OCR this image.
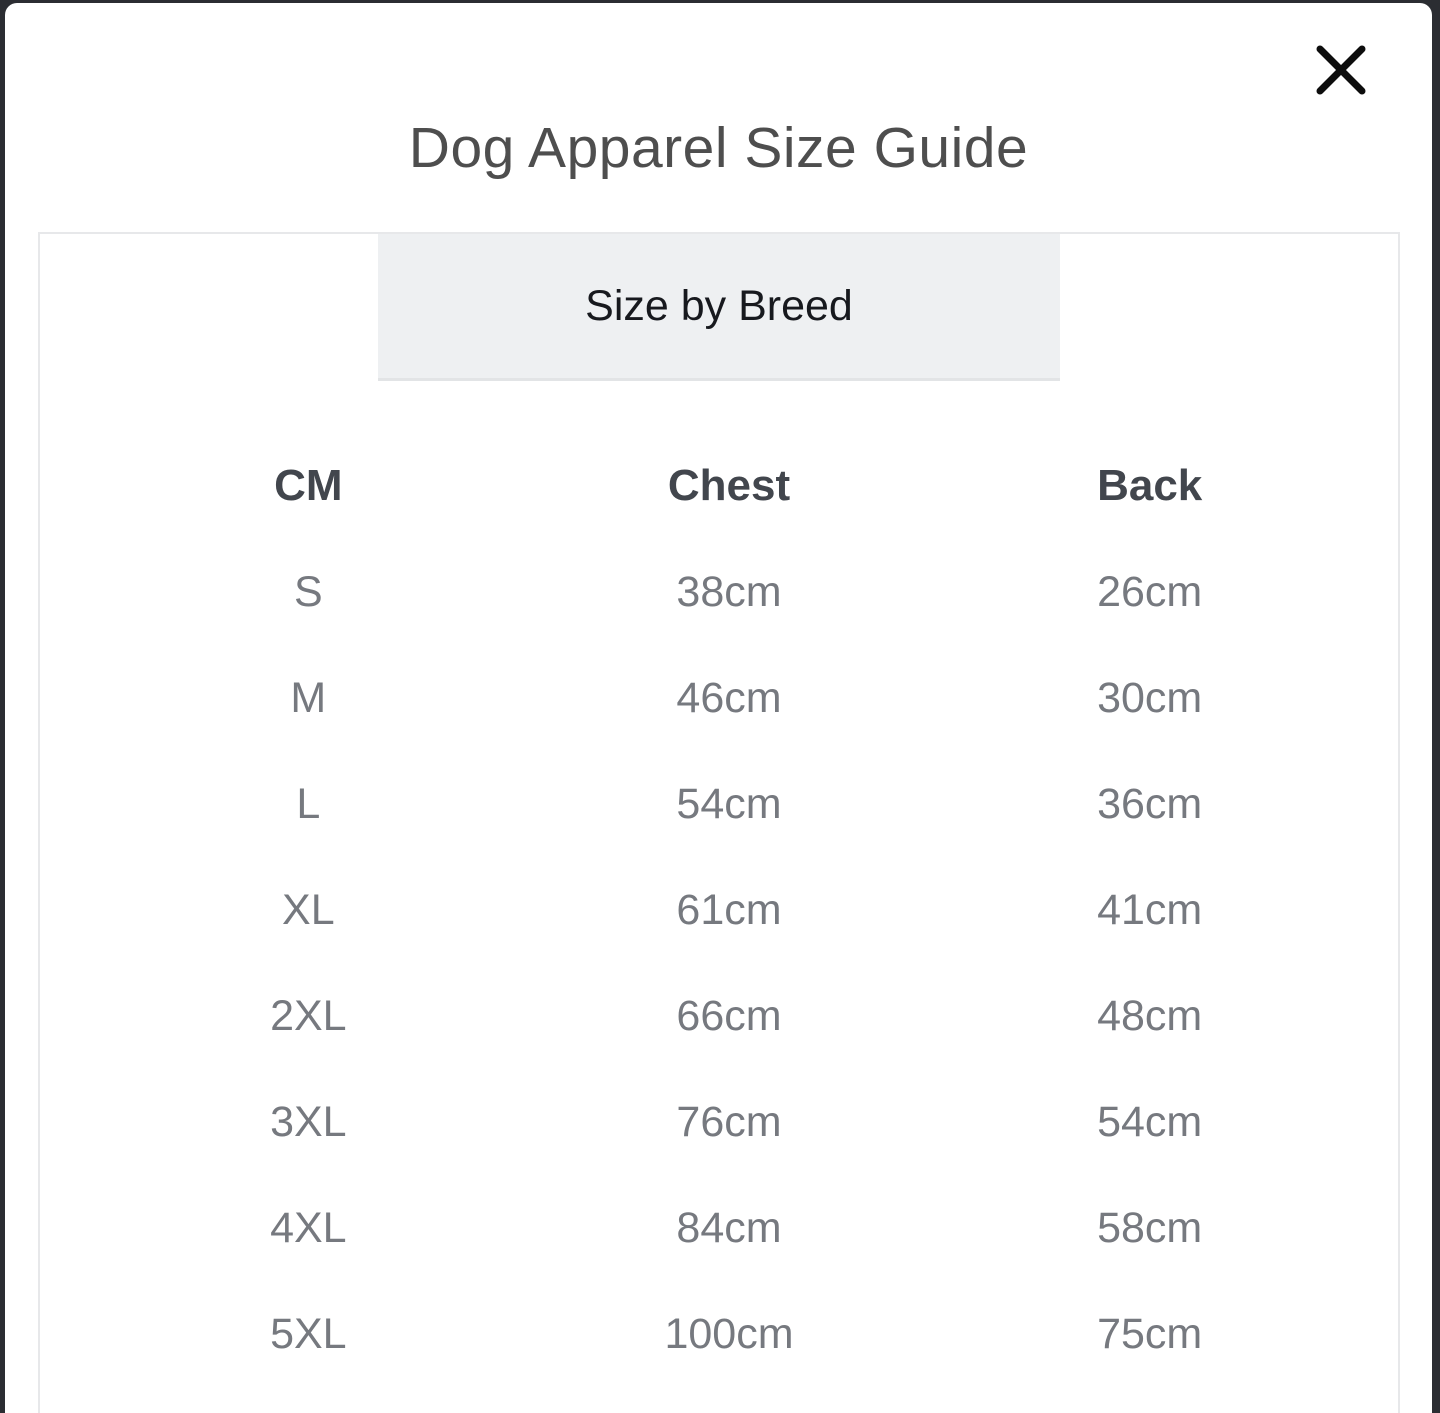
Dog Apparel Size Guide
Size by Breed
CM	Chest	Back
S	38cm	26cm
M	46cm	30cm
L	54cm	36cm
XL	61cm	41cm
2XL	66cm	48cm
3XL	76cm	54cm
4XL	84cm	58cm
5XL	100cm	75cm
